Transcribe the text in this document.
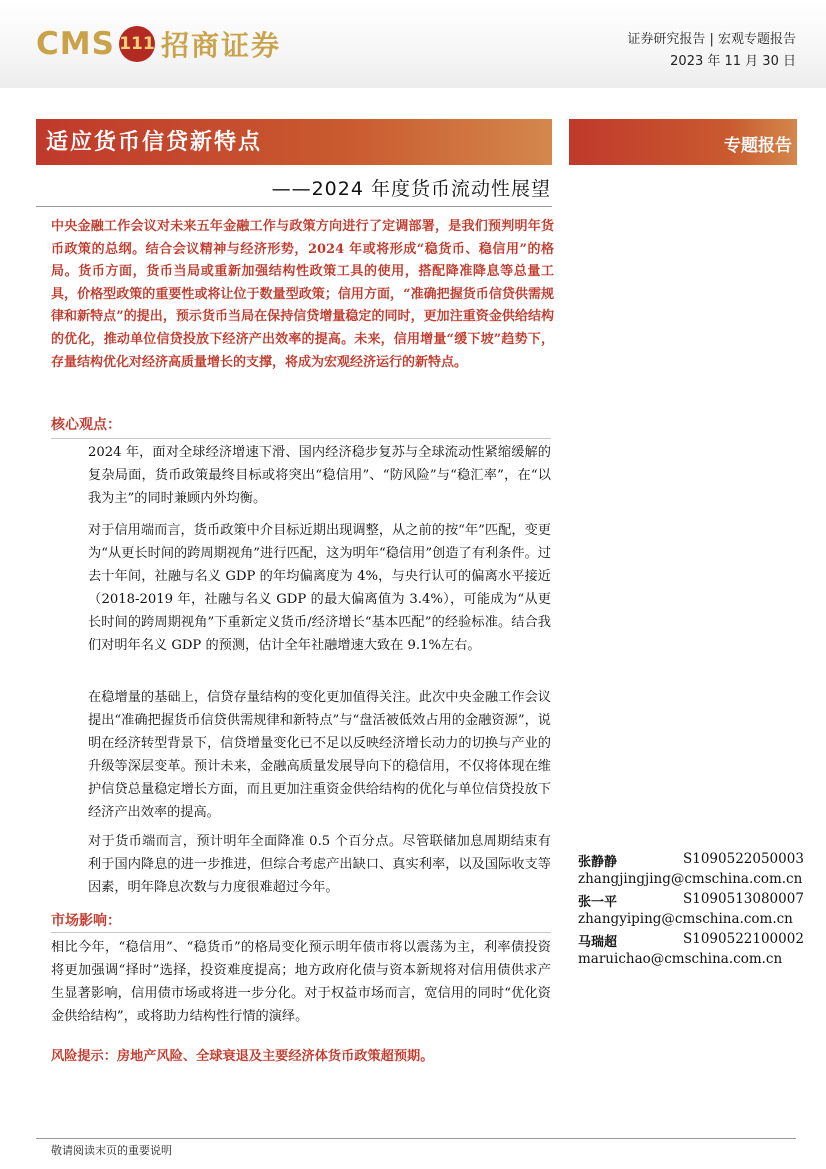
CMS 111 招商证券	证券研究报告 | 宏观专题报告
2023 年 11 月 30 日
适应货币信贷新特点	专题报告
——2024 年度货币流动性展望

中央金融工作会议对未来五年金融工作与政策方向进行了定调部署，是我们预判明年货币政策的总纲。结合会议精神与经济形势，2024 年或将形成“稳货币、稳信用”的格局。货币方面，货币当局或重新加强结构性政策工具的使用，搭配降准降息等总量工具，价格型政策的重要性或将让位于数量型政策；信用方面，“准确把握货币信贷供需规律和新特点”的提出，预示货币当局在保持信贷增量稳定的同时，更加注重资金供给结构的优化，推动单位信贷投放下经济产出效率的提高。未来，信用增量“缓下坡”趋势下，存量结构优化对经济高质量增长的支撑，将成为宏观经济运行的新特点。

核心观点：

2024 年，面对全球经济增速下滑、国内经济稳步复苏与全球流动性紧缩缓解的复杂局面，货币政策最终目标或将突出“稳信用”、“防风险”与“稳汇率”，在“以我为主”的同时兼顾内外均衡。

对于信用端而言，货币政策中介目标近期出现调整，从之前的按“年”匹配，变更为“从更长时间的跨周期视角”进行匹配，这为明年“稳信用”创造了有利条件。过去十年间，社融与名义 GDP 的年均偏离度为 4%，与央行认可的偏离水平接近（2018-2019 年，社融与名义 GDP 的最大偏离值为 3.4%），可能成为“从更长时间的跨周期视角”下重新定义货币/经济增长“基本匹配”的经验标准。结合我们对明年名义 GDP 的预测，估计全年社融增速大致在 9.1%左右。

在稳增量的基础上，信贷存量结构的变化更加值得关注。此次中央金融工作会议提出“准确把握货币信贷供需规律和新特点”与“盘活被低效占用的金融资源”，说明在经济转型背景下，信贷增量变化已不足以反映经济增长动力的切换与产业的升级等深层变革。预计未来，金融高质量发展导向下的稳信用，不仅将体现在维护信贷总量稳定增长方面，而且更加注重资金供给结构的优化与单位信贷投放下经济产出效率的提高。

对于货币端而言，预计明年全面降准 0.5 个百分点。尽管联储加息周期结束有利于国内降息的进一步推进，但综合考虑产出缺口、真实利率，以及国际收支等因素，明年降息次数与力度很难超过今年。

市场影响：

相比今年，“稳信用”、“稳货币”的格局变化预示明年债市将以震荡为主，利率债投资将更加强调“择时”选择，投资难度提高；地方政府化债与资本新规将对信用债供求产生显著影响，信用债市场或将进一步分化。对于权益市场而言，宽信用的同时“优化资金供给结构”，或将助力结构性行情的演绎。

风险提示：房地产风险、全球衰退及主要经济体货币政策超预期。
张静静	S1090522050003
zhangjingjing@cmschina.com.cn
张一平	S1090513080007
zhangyiping@cmschina.com.cn
马瑞超	S1090522100002
maruichao@cmschina.com.cn
敬请阅读末页的重要说明
